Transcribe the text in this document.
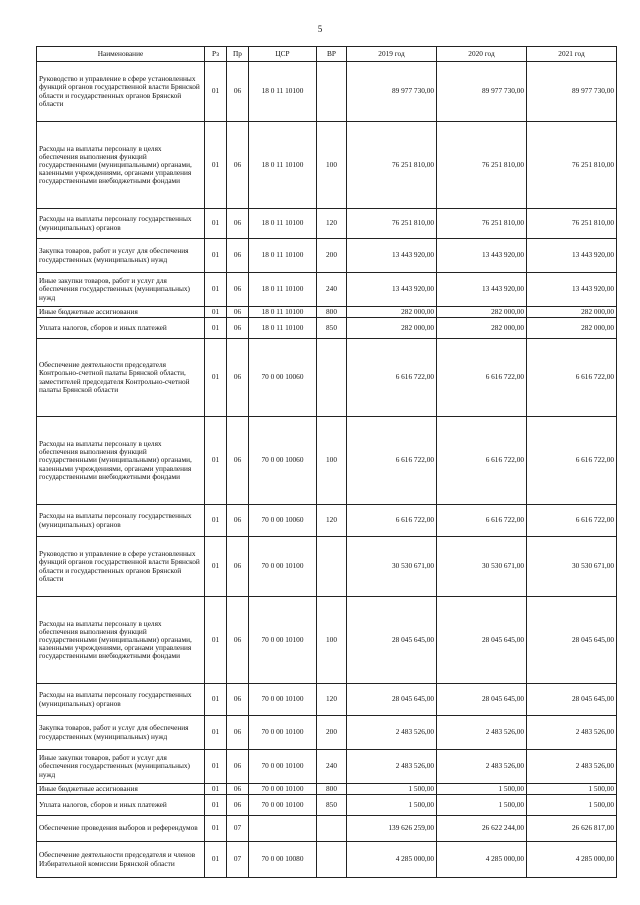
5
Наименование	Рз	Пр	ЦСР	ВР	2019 год	2020 год	2021 год
Руководство и управление в сфере установленных функций органов государственной власти Брянской области и государственных органов Брянской области	01	06	18 0 11 10100		89 977 730,00	89 977 730,00	89 977 730,00
Расходы на выплаты персоналу в целях обеспечения выполнения функций государственными (муниципальными) органами, казенными учреждениями, органами управления государственными внебюджетными фондами	01	06	18 0 11 10100	100	76 251 810,00	76 251 810,00	76 251 810,00
Расходы на выплаты персоналу государственных (муниципальных) органов	01	06	18 0 11 10100	120	76 251 810,00	76 251 810,00	76 251 810,00
Закупка товаров, работ и услуг для обеспечения государственных (муниципальных) нужд	01	06	18 0 11 10100	200	13 443 920,00	13 443 920,00	13 443 920,00
Иные закупки товаров, работ и услуг для обеспечения государственных (муниципальных) нужд	01	06	18 0 11 10100	240	13 443 920,00	13 443 920,00	13 443 920,00
Иные бюджетные ассигнования	01	06	18 0 11 10100	800	282 000,00	282 000,00	282 000,00
Уплата налогов, сборов и иных платежей	01	06	18 0 11 10100	850	282 000,00	282 000,00	282 000,00
Обеспечение деятельности председателя Контрольно-счетной палаты Брянской области, заместителей председателя Контрольно-счетной палаты Брянской области	01	06	70 0 00 10060		6 616 722,00	6 616 722,00	6 616 722,00
Расходы на выплаты персоналу в целях обеспечения выполнения функций государственными (муниципальными) органами, казенными учреждениями, органами управления государственными внебюджетными фондами	01	06	70 0 00 10060	100	6 616 722,00	6 616 722,00	6 616 722,00
Расходы на выплаты персоналу государственных (муниципальных) органов	01	06	70 0 00 10060	120	6 616 722,00	6 616 722,00	6 616 722,00
Руководство и управление в сфере установленных функций органов государственной власти Брянской области и государственных органов Брянской области	01	06	70 0 00 10100		30 530 671,00	30 530 671,00	30 530 671,00
Расходы на выплаты персоналу в целях обеспечения выполнения функций государственными (муниципальными) органами, казенными учреждениями, органами управления государственными внебюджетными фондами	01	06	70 0 00 10100	100	28 045 645,00	28 045 645,00	28 045 645,00
Расходы на выплаты персоналу государственных (муниципальных) органов	01	06	70 0 00 10100	120	28 045 645,00	28 045 645,00	28 045 645,00
Закупка товаров, работ и услуг для обеспечения государственных (муниципальных) нужд	01	06	70 0 00 10100	200	2 483 526,00	2 483 526,00	2 483 526,00
Иные закупки товаров, работ и услуг для обеспечения государственных (муниципальных) нужд	01	06	70 0 00 10100	240	2 483 526,00	2 483 526,00	2 483 526,00
Иные бюджетные ассигнования	01	06	70 0 00 10100	800	1 500,00	1 500,00	1 500,00
Уплата налогов, сборов и иных платежей	01	06	70 0 00 10100	850	1 500,00	1 500,00	1 500,00
Обеспечение проведения выборов и референдумов	01	07			139 626 259,00	26 622 244,00	26 626 817,00
Обеспечение деятельности председателя и членов Избирательной комиссии Брянской области	01	07	70 0 00 10080		4 285 000,00	4 285 000,00	4 285 000,00
